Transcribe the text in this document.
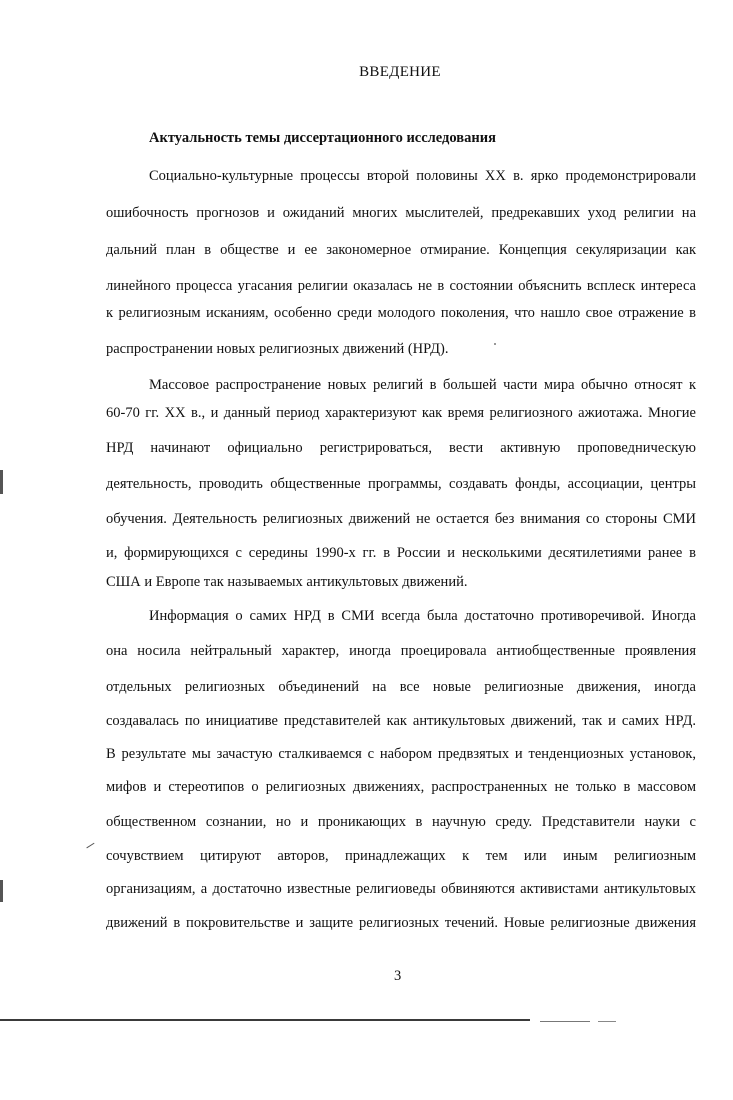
ВВЕДЕНИЕ
Актуальность темы диссертационного исследования
Социально-культурные процессы второй половины XX в. ярко продемонстрировали
ошибочность прогнозов и ожиданий многих мыслителей, предрекавших уход религии на
дальний план в обществе и ее закономерное отмирание. Концепция секуляризации как
линейного процесса угасания религии оказалась не в состоянии объяснить всплеск интереса
к религиозным исканиям, особенно среди молодого поколения, что нашло свое отражение в
распространении новых религиозных движений (НРД).
Массовое распространение новых религий в большей части мира обычно относят к
60-70 гг. XX в., и данный период характеризуют как время религиозного ажиотажа. Многие
НРД начинают официально регистрироваться, вести активную проповедническую
деятельность, проводить общественные программы, создавать фонды, ассоциации, центры
обучения. Деятельность религиозных движений не остается без внимания со стороны СМИ
и, формирующихся с середины 1990-х гг. в России и несколькими десятилетиями ранее в
США и Европе так называемых антикультовых движений.
Информация о самих НРД в СМИ всегда была достаточно противоречивой. Иногда
она носила нейтральный характер, иногда проецировала антиобщественные проявления
отдельных религиозных объединений на все новые религиозные движения, иногда
создавалась по инициативе представителей как антикультовых движений, так и самих НРД.
В результате мы зачастую сталкиваемся с набором предвзятых и тенденциозных установок,
мифов и стереотипов о религиозных движениях, распространенных не только в массовом
общественном сознании, но и проникающих в научную среду. Представители науки с
сочувствием цитируют авторов, принадлежащих к тем или иным религиозным
организациям, а достаточно известные религиоведы обвиняются активистами антикультовых
движений в покровительстве и защите религиозных течений. Новые религиозные движения
3
